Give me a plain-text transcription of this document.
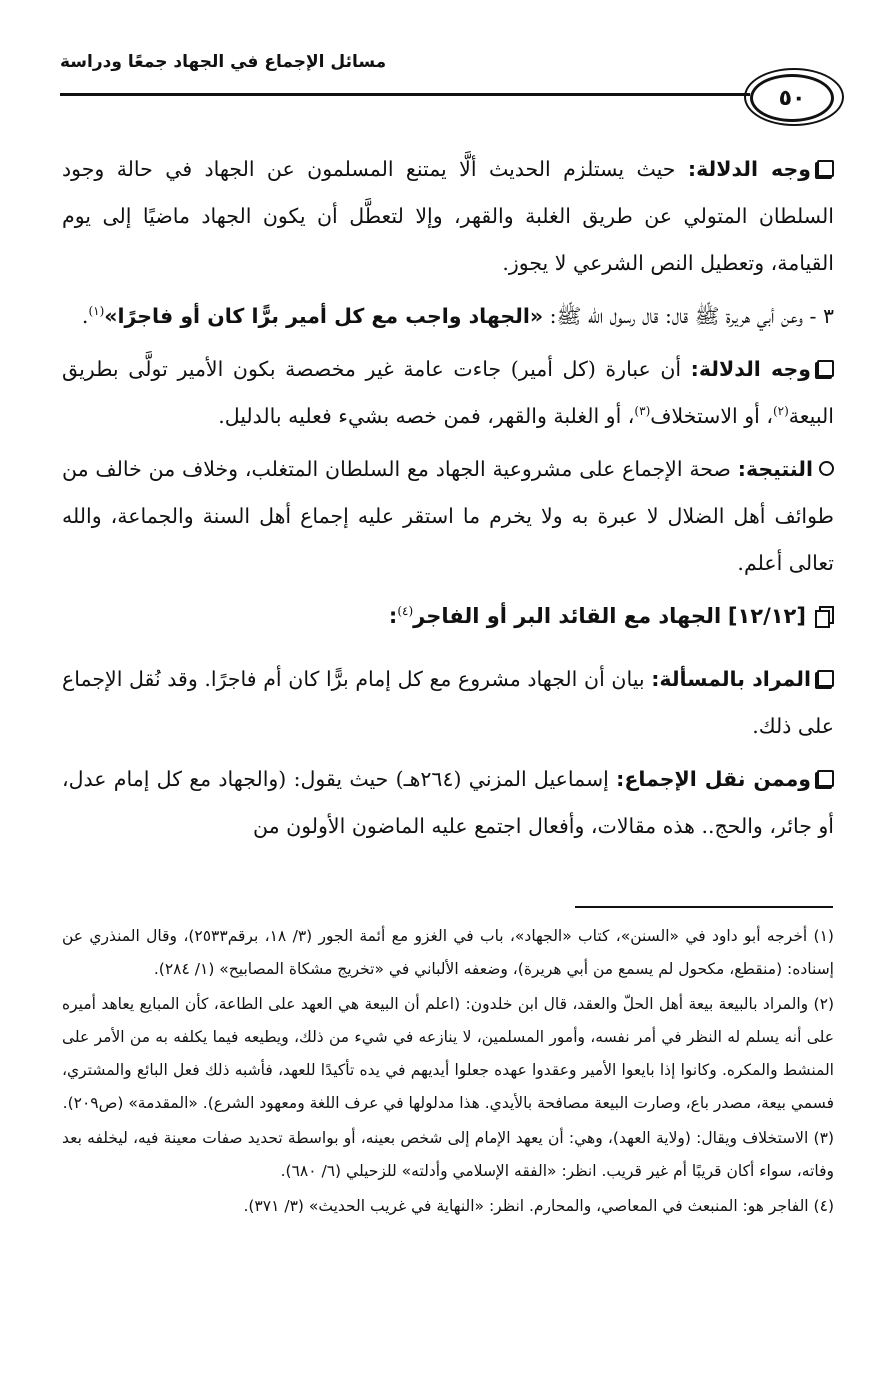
مسائل الإجماع في الجهاد جمعًا ودراسة
٥٠

وجه الدلالة: حيث يستلزم الحديث ألَّا يمتنع المسلمون عن الجهاد في حالة وجود السلطان المتولي عن طريق الغلبة والقهر، وإلا لتعطَّل أن يكون الجهاد ماضيًا إلى يوم القيامة، وتعطيل النص الشرعي لا يجوز.

٣ - وعن أبي هريرة ﷺ قال: قال رسول الله ﷺ: «الجهاد واجب مع كل أمير برًّا كان أو فاجرًا»$^{(١)}$.

وجه الدلالة: أن عبارة (كل أمير) جاءت عامة غير مخصصة بكون الأمير تولَّى بطريق البيعة$^{(٢)}$، أو الاستخلاف$^{(٣)}$، أو الغلبة والقهر، فمن خصه بشيء فعليه بالدليل.

النتيجة: صحة الإجماع على مشروعية الجهاد مع السلطان المتغلب، وخلاف من خالف من طوائف أهل الضلال لا عبرة به ولا يخرم ما استقر عليه إجماع أهل السنة والجماعة، والله تعالى أعلم.

[١٢/١٢] الجهاد مع القائد البر أو الفاجر$^{(٤)}$:

المراد بالمسألة: بيان أن الجهاد مشروع مع كل إمام برًّا كان أم فاجرًا. وقد نُقل الإجماع على ذلك.

وممن نقل الإجماع: إسماعيل المزني (٢٦٤هـ) حيث يقول: (والجهاد مع كل إمام عدل، أو جائر، والحج.. هذه مقالات، وأفعال اجتمع عليه الماضون الأولون من

(١) أخرجه أبو داود في «السنن»، كتاب «الجهاد»، باب في الغزو مع أئمة الجور (٣/ ١٨، برقم٢٥٣٣)، وقال المنذري عن إسناده: (منقطع، مكحول لم يسمع من أبي هريرة)، وضعفه الألباني في «تخريج مشكاة المصابيح» (١/ ٢٨٤).

(٢) والمراد بالبيعة بيعة أهل الحلّ والعقد، قال ابن خلدون: (اعلم أن البيعة هي العهد على الطاعة، كأن المبايع يعاهد أميره على أنه يسلم له النظر في أمر نفسه، وأمور المسلمين، لا ينازعه في شيء من ذلك، ويطيعه فيما يكلفه به من الأمر على المنشط والمكره. وكانوا إذا بايعوا الأمير وعقدوا عهده جعلوا أيديهم في يده تأكيدًا للعهد، فأشبه ذلك فعل البائع والمشتري، فسمي بيعة، مصدر باع، وصارت البيعة مصافحة بالأيدي. هذا مدلولها في عرف اللغة ومعهود الشرع). «المقدمة» (ص٢٠٩).

(٣) الاستخلاف ويقال: (ولاية العهد)، وهي: أن يعهد الإمام إلى شخص بعينه، أو بواسطة تحديد صفات معينة فيه، ليخلفه بعد وفاته، سواء أكان قريبًا أم غير قريب. انظر: «الفقه الإسلامي وأدلته» للزحيلي (٦/ ٦٨٠).

(٤) الفاجر هو: المنبعث في المعاصي، والمحارم. انظر: «النهاية في غريب الحديث» (٣/ ٣٧١).
